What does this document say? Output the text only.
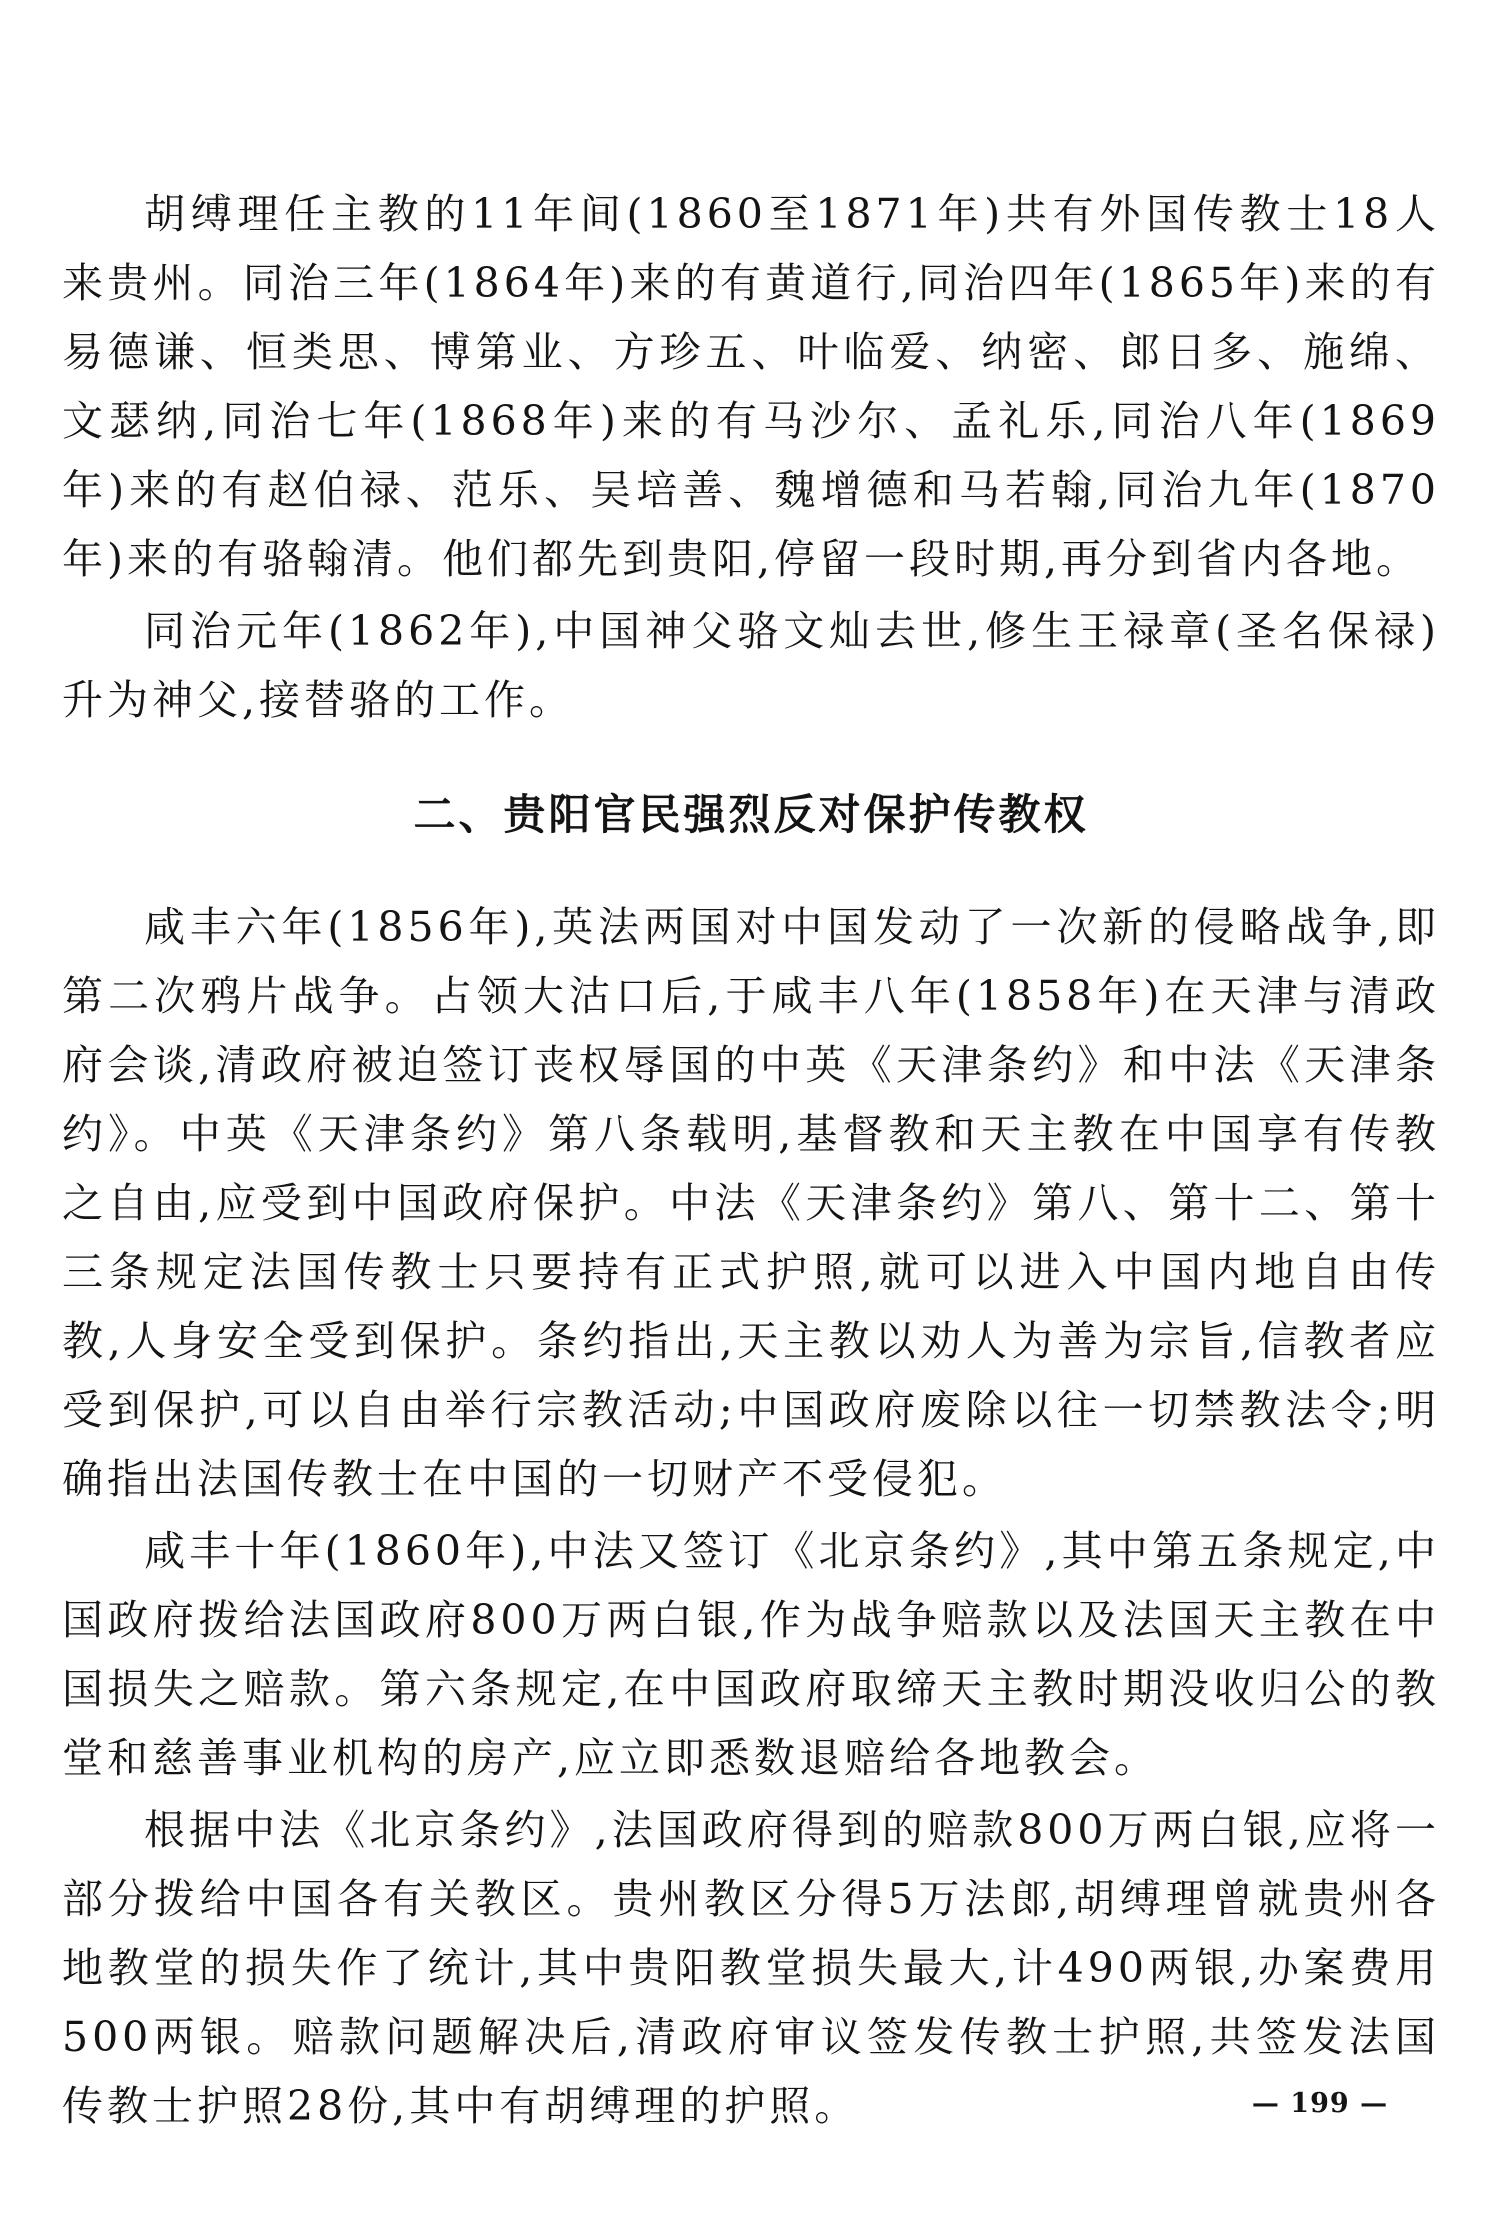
胡缚理任主教的11年间(1860至1871年)共有外国传教士18人来贵州。同治三年(1864年)来的有黄道行,同治四年(1865年)来的有易德谦、恒类思、博第业、方珍五、叶临爱、纳密、郎日多、施绵、文瑟纳,同治七年(1868年)来的有马沙尔、孟礼乐,同治八年(1869年)来的有赵伯禄、范乐、吴培善、魏增德和马若翰,同治九年(1870年)来的有骆翰清。他们都先到贵阳,停留一段时期,再分到省内各地。

同治元年(1862年),中国神父骆文灿去世,修生王禄章(圣名保禄)升为神父,接替骆的工作。

二、贵阳官民强烈反对保护传教权

咸丰六年(1856年),英法两国对中国发动了一次新的侵略战争,即第二次鸦片战争。占领大沽口后,于咸丰八年(1858年)在天津与清政府会谈,清政府被迫签订丧权辱国的中英《天津条约》和中法《天津条约》。中英《天津条约》第八条载明,基督教和天主教在中国享有传教之自由,应受到中国政府保护。中法《天津条约》第八、第十二、第十三条规定法国传教士只要持有正式护照,就可以进入中国内地自由传教,人身安全受到保护。条约指出,天主教以劝人为善为宗旨,信教者应受到保护,可以自由举行宗教活动;中国政府废除以往一切禁教法令;明确指出法国传教士在中国的一切财产不受侵犯。

咸丰十年(1860年),中法又签订《北京条约》,其中第五条规定,中国政府拨给法国政府800万两白银,作为战争赔款以及法国天主教在中国损失之赔款。第六条规定,在中国政府取缔天主教时期没收归公的教堂和慈善事业机构的房产,应立即悉数退赔给各地教会。

根据中法《北京条约》,法国政府得到的赔款800万两白银,应将一部分拨给中国各有关教区。贵州教区分得5万法郎,胡缚理曾就贵州各地教堂的损失作了统计,其中贵阳教堂损失最大,计490两银,办案费用500两银。赔款问题解决后,清政府审议签发传教士护照,共签发法国传教士护照28份,其中有胡缚理的护照。	— 199 —
